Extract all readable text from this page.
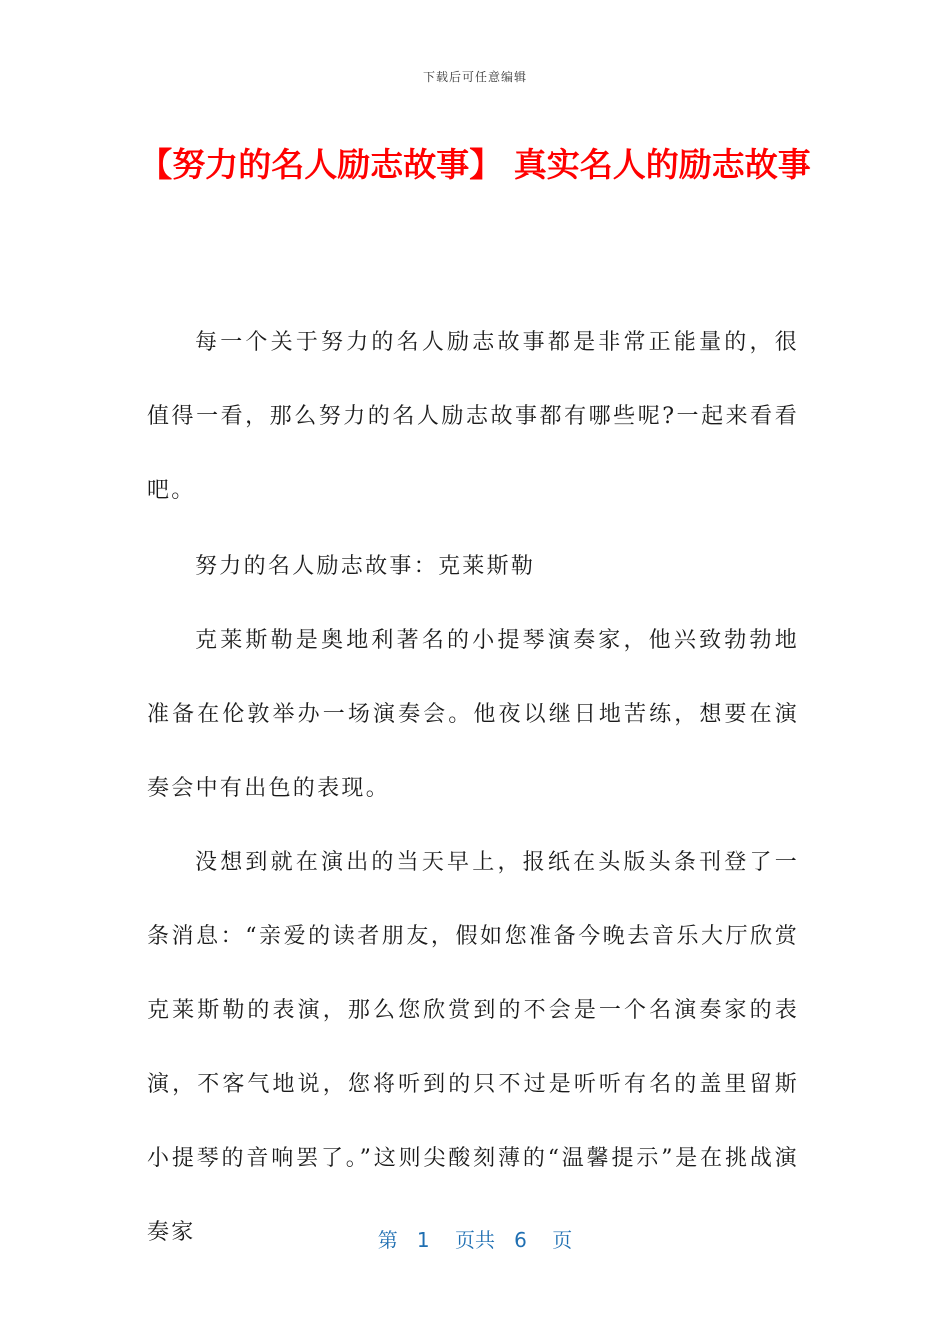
下载后可任意编辑
【努力的名人励志故事】 真实名人的励志故事

每一个关于努力的名人励志故事都是非常正能量的，很值得一看，那么努力的名人励志故事都有哪些呢?一起来看看吧。

努力的名人励志故事：克莱斯勒

克莱斯勒是奥地利著名的小提琴演奏家，他兴致勃勃地准备在伦敦举办一场演奏会。他夜以继日地苦练，想要在演奏会中有出色的表现。

没想到就在演出的当天早上，报纸在头版头条刊登了一条消息：“亲爱的读者朋友，假如您准备今晚去音乐大厅欣赏克莱斯勒的表演，那么您欣赏到的不会是一个名演奏家的表演，不客气地说，您将听到的只不过是听听有名的盖里留斯小提琴的音响罢了。”这则尖酸刻薄的“温馨提示”是在挑战演奏家	第 1 页共 6 页
